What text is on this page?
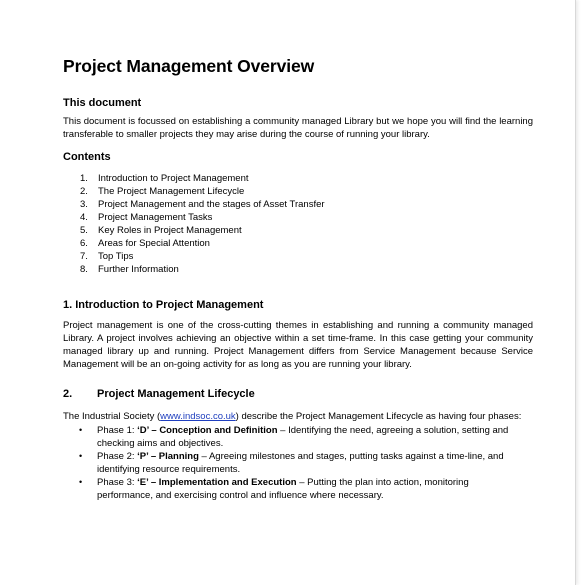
Project Management Overview
This document

This document is focussed on establishing a community managed Library but we hope you will find the learning transferable to smaller projects they may arise during the course of running your library.

Contents
1.	Introduction to Project Management
2.	The Project Management Lifecycle
3.	Project Management and the stages of Asset Transfer
4.	Project Management Tasks
5.	Key Roles in Project Management
6.	Areas for Special Attention
7.	Top Tips
8.	Further Information
1. Introduction to Project Management

Project management is one of the cross-cutting themes in establishing and running a community managed Library. A project involves achieving an objective within a set time-frame. In this case getting your community managed library up and running. Project Management differs from Service Management because Service Management will be an on-going activity for as long as you are running your library.

2.	Project Management Lifecycle

The Industrial Society (www.indsoc.co.uk) describe the Project Management Lifecycle as having four phases:

•	Phase 1: ‘D’ – Conception and Definition – Identifying the need, agreeing a solution, setting and checking aims and objectives.
•	Phase 2: ‘P’ – Planning – Agreeing milestones and stages, putting tasks against a time-line, and identifying resource requirements.
•	Phase 3: ‘E’ – Implementation and Execution – Putting the plan into action, monitoring performance, and exercising control and influence where necessary.
